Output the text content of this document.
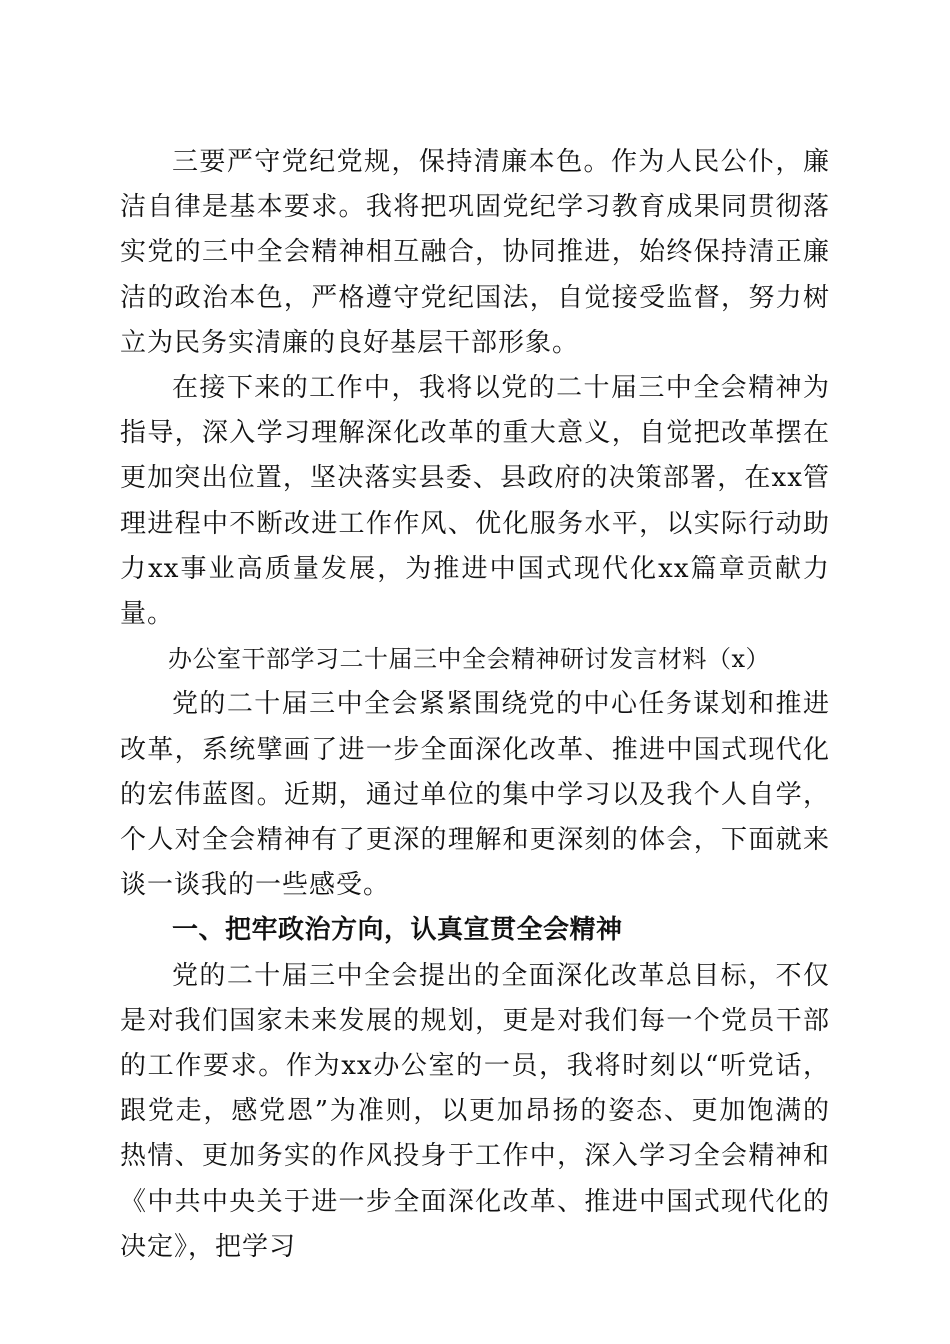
三要严守党纪党规，保持清廉本色。作为人民公仆，廉洁自律是基本要求。我将把巩固党纪学习教育成果同贯彻落实党的三中全会精神相互融合，协同推进，始终保持清正廉洁的政治本色，严格遵守党纪国法，自觉接受监督，努力树立为民务实清廉的良好基层干部形象。

在接下来的工作中，我将以党的二十届三中全会精神为指导，深入学习理解深化改革的重大意义，自觉把改革摆在更加突出位置，坚决落实县委、县政府的决策部署，在xx管理进程中不断改进工作作风、优化服务水平，以实际行动助力xx事业高质量发展，为推进中国式现代化xx篇章贡献力量。

办公室干部学习二十届三中全会精神研讨发言材料（x）

党的二十届三中全会紧紧围绕党的中心任务谋划和推进改革，系统擘画了进一步全面深化改革、推进中国式现代化的宏伟蓝图。近期，通过单位的集中学习以及我个人自学，个人对全会精神有了更深的理解和更深刻的体会，下面就来谈一谈我的一些感受。

一、把牢政治方向，认真宣贯全会精神

党的二十届三中全会提出的全面深化改革总目标，不仅是对我们国家未来发展的规划，更是对我们每一个党员干部的工作要求。作为xx办公室的一员，我将时刻以“听党话，跟党走，感党恩”为准则，以更加昂扬的姿态、更加饱满的热情、更加务实的作风投身于工作中，深入学习全会精神和《中共中央关于进一步全面深化改革、推进中国式现代化的决定》，把学习
